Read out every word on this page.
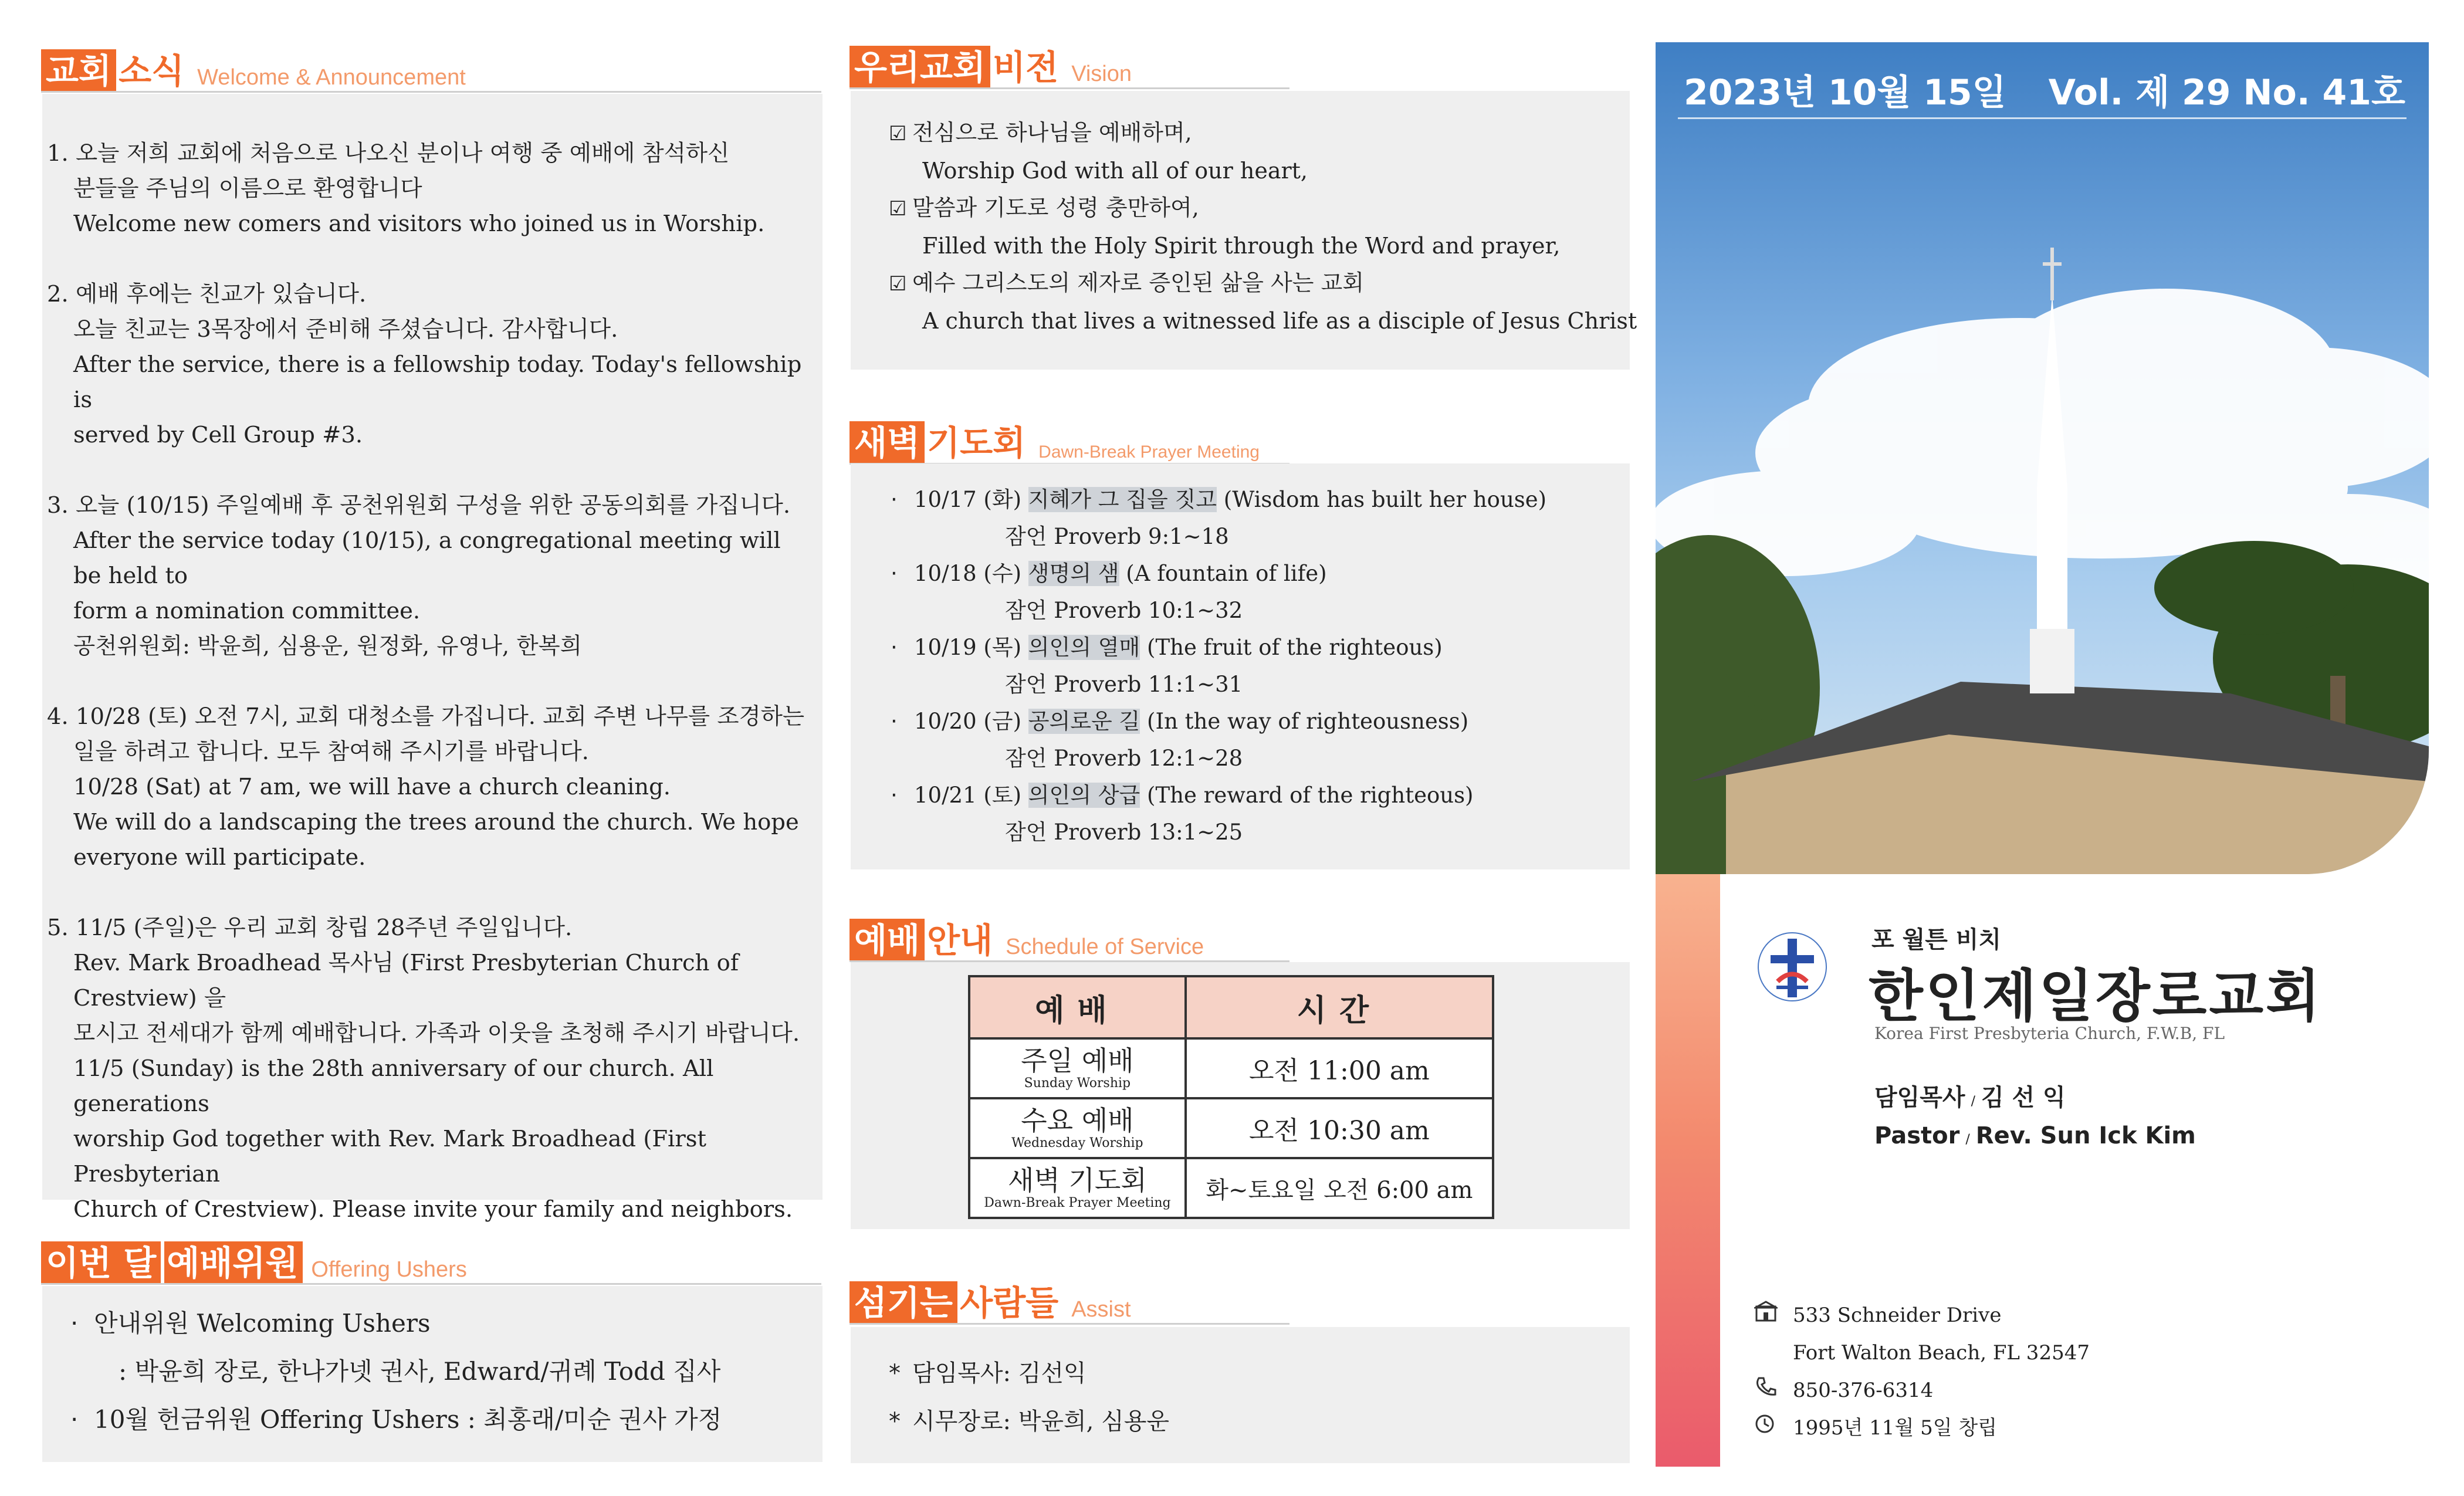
교회 소식 Welcome & Announcement

1. 오늘 저희 교회에 처음으로 나오신 분이나 여행 중 예배에 참석하신

분들을 주님의 이름으로 환영합니다

Welcome new comers and visitors who joined us in Worship.

2. 예배 후에는 친교가 있습니다.

오늘 친교는 3목장에서 준비해 주셨습니다. 감사합니다.

After the service, there is a fellowship today. Today's fellowship is

served by Cell Group #3.

3. 오늘 (10/15) 주일예배 후 공천위원회 구성을 위한 공동의회를 가집니다.

After the service today (10/15), a congregational meeting will be held to

form a nomination committee.

공천위원회: 박윤희, 심용운, 원정화, 유영나, 한복희

4. 10/28 (토) 오전 7시, 교회 대청소를 가집니다. 교회 주변 나무를 조경하는

일을 하려고 합니다. 모두 참여해 주시기를 바랍니다.

10/28 (Sat) at 7 am, we will have a church cleaning.

We will do a landscaping the trees around the church. We hope

everyone will participate.

5. 11/5 (주일)은 우리 교회 창립 28주년 주일입니다.

Rev. Mark Broadhead 목사님 (First Presbyterian Church of Crestview) 을

모시고 전세대가 함께 예배합니다. 가족과 이웃을 초청해 주시기 바랍니다.

11/5 (Sunday) is the 28th anniversary of our church. All generations

worship God together with Rev. Mark Broadhead (First Presbyterian

Church of Crestview). Please invite your family and neighbors.

이번 달 예배위원 Offering Ushers

· 안내위원 Welcoming Ushers

: 박윤희 장로, 한나가넷 권사, Edward/귀례 Todd 집사

· 10월 헌금위원 Offering Ushers : 최홍래/미순 권사 가정

우리교회 비전 Vision

☑ 전심으로 하나님을 예배하며,

Worship God with all of our heart,

☑ 말씀과 기도로 성령 충만하여,

Filled with the Holy Spirit through the Word and prayer,

☑ 예수 그리스도의 제자로 증인된 삶을 사는 교회

A church that lives a witnessed life as a disciple of Jesus Christ

새벽 기도회 Dawn-Break Prayer Meeting

· 10/17 (화) 지혜가 그 집을 짓고 (Wisdom has built her house)

잠언 Proverb 9:1~18

· 10/18 (수) 생명의 샘 (A fountain of life)

잠언 Proverb 10:1~32

· 10/19 (목) 의인의 열매 (The fruit of the righteous)

잠언 Proverb 11:1~31

· 10/20 (금) 공의로운 길 (In the way of righteousness)

잠언 Proverb 12:1~28

· 10/21 (토) 의인의 상급 (The reward of the righteous)

잠언 Proverb 13:1~25

예배 안내 Schedule of Service
예배	시간

주일 예배
Sunday Worship	오전 11:00 am

수요 예배
Wednesday Worship	오전 10:30 am

새벽 기도회
Dawn-Break Prayer Meeting	화~토요일 오전 6:00 am
섬기는 사람들 Assist

* 담임목사: 김선익

* 시무장로: 박윤희, 심용운

2023년 10월 15일 Vol. 제 29 No. 41호
포 월튼 비치
한인제일장로교회
Korea First Presbyteria Church, F.W.B, FL

담임목사 / 김 선 익

Pastor / Rev. Sun Ick Kim

533 Schneider Drive

Fort Walton Beach, FL 32547

850-376-6314

1995년 11월 5일 창립
